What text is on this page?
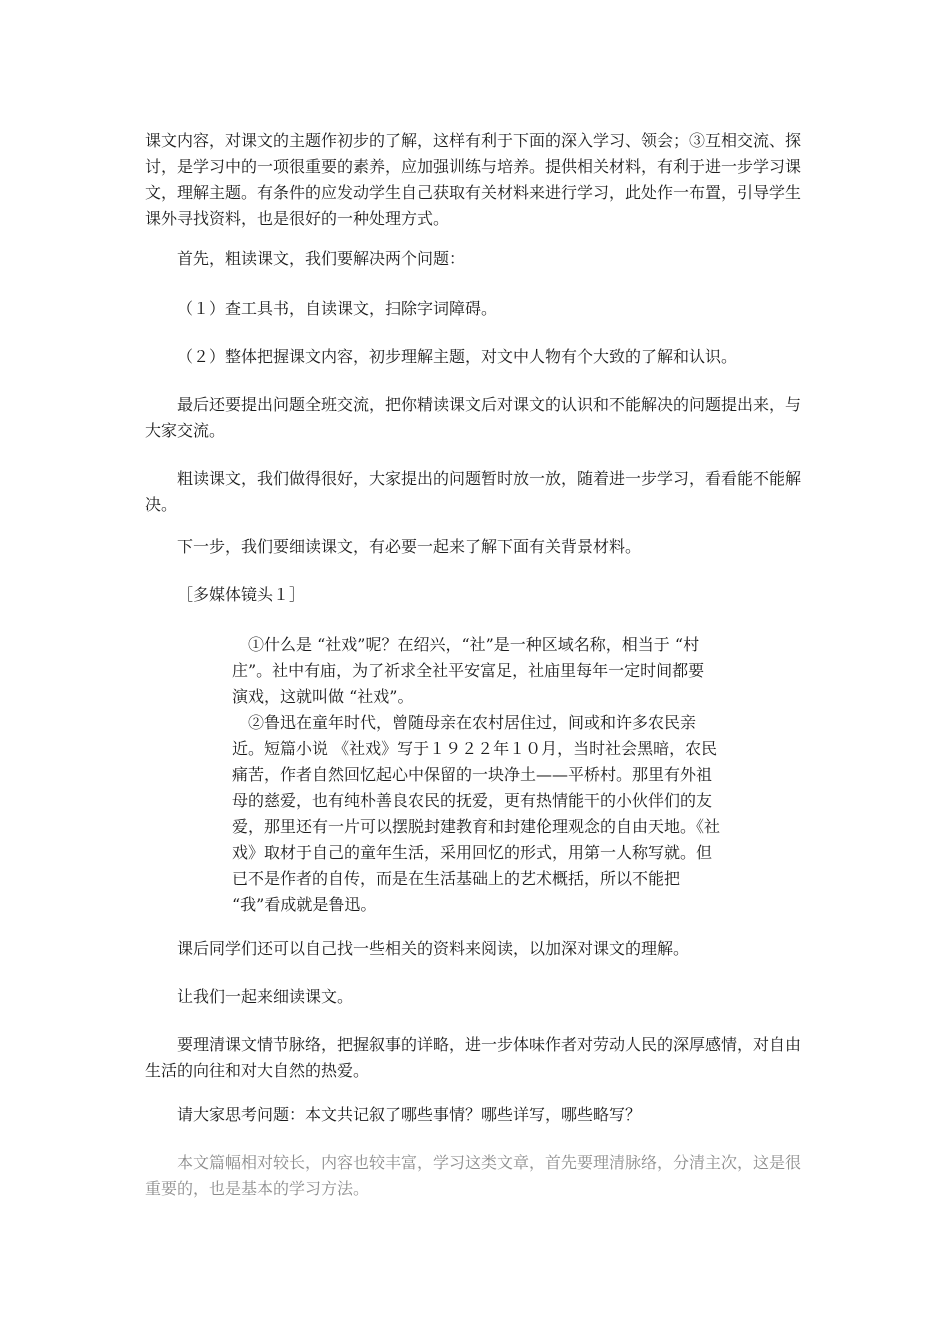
课文内容，对课文的主题作初步的了解，这样有利于下面的深入学习、领会；③互相交流、探讨，是学习中的一项很重要的素养，应加强训练与培养。提供相关材料，有利于进一步学习课文，理解主题。有条件的应发动学生自己获取有关材料来进行学习，此处作一布置，引导学生课外寻找资料，也是很好的一种处理方式。

首先，粗读课文，我们要解决两个问题：

（１）查工具书，自读课文，扫除字词障碍。

（２）整体把握课文内容，初步理解主题，对文中人物有个大致的了解和认识。

最后还要提出问题全班交流，把你精读课文后对课文的认识和不能解决的问题提出来，与大家交流。

粗读课文，我们做得很好，大家提出的问题暂时放一放，随着进一步学习，看看能不能解决。

下一步，我们要细读课文，有必要一起来了解下面有关背景材料。

［多媒体镜头１］

　①什么是 “社戏”呢？在绍兴，“社”是一种区域名称，相当于 “村庄”。社中有庙，为了祈求全社平安富足，社庙里每年一定时间都要演戏，这就叫做 “社戏”。

　②鲁迅在童年时代，曾随母亲在农村居住过，间或和许多农民亲近。短篇小说 《社戏》写于１９２２年１０月，当时社会黑暗，农民痛苦，作者自然回忆起心中保留的一块净土——平桥村。那里有外祖母的慈爱，也有纯朴善良农民的抚爱，更有热情能干的小伙伴们的友爱，那里还有一片可以摆脱封建教育和封建伦理观念的自由天地。《社戏》取材于自己的童年生活，采用回忆的形式，用第一人称写就。但已不是作者的自传，而是在生活基础上的艺术概括，所以不能把 “我”看成就是鲁迅。

课后同学们还可以自己找一些相关的资料来阅读，以加深对课文的理解。

让我们一起来细读课文。

要理清课文情节脉络，把握叙事的详略，进一步体味作者对劳动人民的深厚感情，对自由生活的向往和对大自然的热爱。

请大家思考问题：本文共记叙了哪些事情？哪些详写，哪些略写？

本文篇幅相对较长，内容也较丰富，学习这类文章，首先要理清脉络，分清主次，这是很重要的，也是基本的学习方法。
